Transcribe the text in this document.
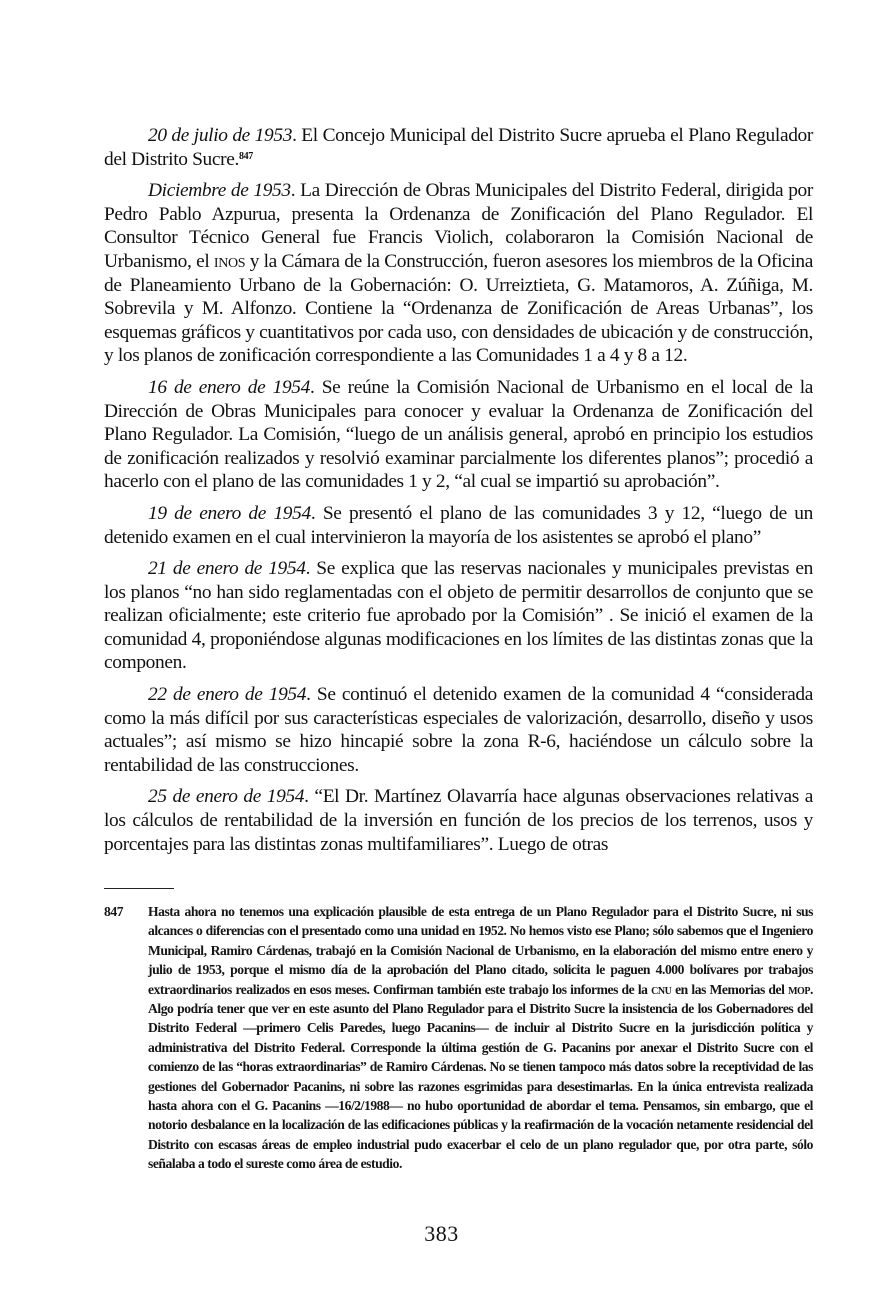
20 de julio de 1953. El Concejo Municipal del Distrito Sucre aprueba el Plano Regulador del Distrito Sucre.$^{847}$

Diciembre de 1953. La Dirección de Obras Municipales del Distrito Federal, dirigida por Pedro Pablo Azpurua, presenta la Ordenanza de Zonificación del Plano Regulador. El Consultor Técnico General fue Francis Violich, colaboraron la Comisión Nacional de Urbanismo, el inos y la Cámara de la Construcción, fueron asesores los miembros de la Oficina de Planeamiento Urbano de la Gobernación: O. Urreiztieta, G. Matamoros, A. Zúñiga, M. Sobrevila y M. Alfonzo. Contiene la “Ordenanza de Zonificación de Areas Urbanas”, los esquemas gráficos y cuantitativos por cada uso, con densidades de ubicación y de construcción, y los planos de zonificación correspondiente a las Comunidades 1 a 4 y 8 a 12.

16 de enero de 1954. Se reúne la Comisión Nacional de Urbanismo en el local de la Dirección de Obras Municipales para conocer y evaluar la Ordenanza de Zonificación del Plano Regulador. La Comisión, “luego de un análisis general, aprobó en principio los estudios de zonificación realizados y resolvió examinar parcialmente los diferentes planos”; procedió a hacerlo con el plano de las comunidades 1 y 2, “al cual se impartió su aprobación”.

19 de enero de 1954. Se presentó el plano de las comunidades 3 y 12, “luego de un detenido examen en el cual intervinieron la mayoría de los asistentes se aprobó el plano”

21 de enero de 1954. Se explica que las reservas nacionales y municipales previstas en los planos “no han sido reglamentadas con el objeto de permitir desarrollos de conjunto que se realizan oficialmente; este criterio fue aprobado por la Comisión” . Se inició el examen de la comunidad 4, proponiéndose algunas modificaciones en los límites de las distintas zonas que la componen.

22 de enero de 1954. Se continuó el detenido examen de la comunidad 4 “considerada como la más difícil por sus características especiales de valorización, desarrollo, diseño y usos actuales”; así mismo se hizo hincapié sobre la zona R-6, haciéndose un cálculo sobre la rentabilidad de las construcciones.

25 de enero de 1954. “El Dr. Martínez Olavarría hace algunas observaciones relativas a los cálculos de rentabilidad de la inversión en función de los precios de los terrenos, usos y porcentajes para las distintas zonas multifamiliares”. Luego de otras

847	Hasta ahora no tenemos una explicación plausible de esta entrega de un Plano Regulador para el Distrito Sucre, ni sus alcances o diferencias con el presentado como una unidad en 1952. No hemos visto ese Plano; sólo sabemos que el Ingeniero Municipal, Ramiro Cárdenas, trabajó en la Comisión Nacional de Urbanismo, en la elaboración del mismo entre enero y julio de 1953, porque el mismo día de la aprobación del Plano citado, solicita le paguen 4.000 bolívares por trabajos extraordinarios realizados en esos meses. Confirman también este trabajo los informes de la cnu en las Memorias del mop. Algo podría tener que ver en este asunto del Plano Regulador para el Distrito Sucre la insistencia de los Gobernadores del Distrito Federal —primero Celis Paredes, luego Pacanins— de incluir al Distrito Sucre en la jurisdicción política y administrativa del Distrito Federal. Corresponde la última gestión de G. Pacanins por anexar el Distrito Sucre con el comienzo de las “horas extraordinarias” de Ramiro Cárdenas. No se tienen tampoco más datos sobre la receptividad de las gestiones del Gobernador Pacanins, ni sobre las razones esgrimidas para desestimarlas. En la única entrevista realizada hasta ahora con el G. Pacanins —16/2/1988— no hubo oportunidad de abordar el tema. Pensamos, sin embargo, que el notorio desbalance en la localización de las edificaciones públicas y la reafirmación de la vocación netamente residencial del Distrito con escasas áreas de empleo industrial pudo exacerbar el celo de un plano regulador que, por otra parte, sólo señalaba a todo el sureste como área de estudio.
383
